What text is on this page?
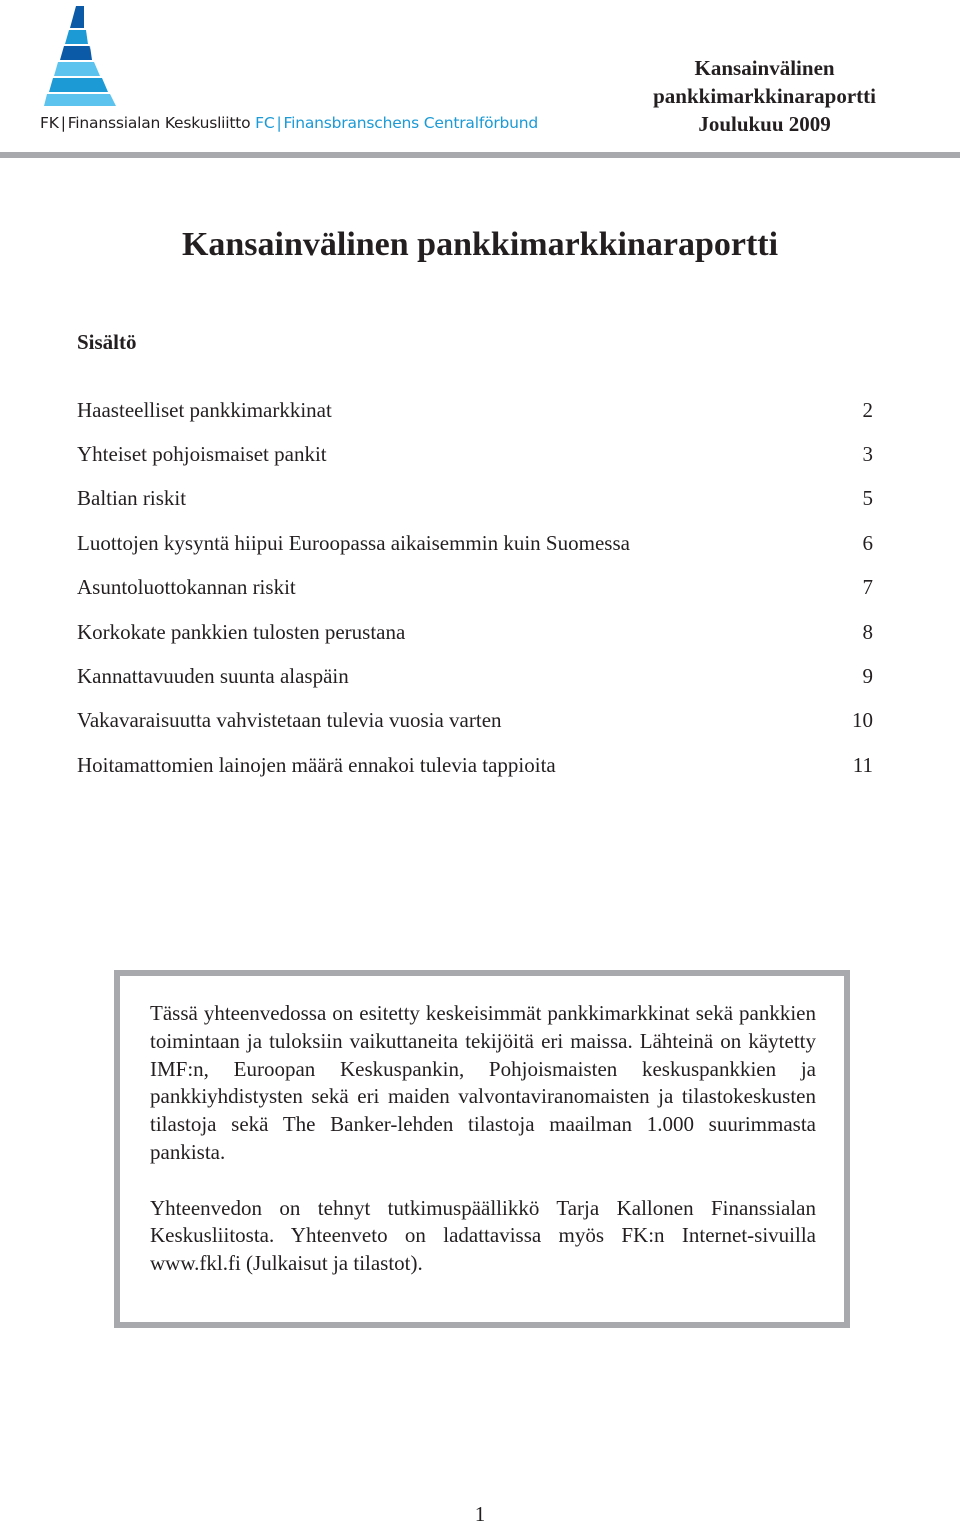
FK | Finanssialan Keskusliitto FC | Finansbranschens Centralförbund
Kansainvälinen
pankkimarkkinaraportti
Joulukuu 2009
Kansainvälinen pankkimarkkinaraportti
Sisältö
Haasteelliset pankkimarkkinat	2
Yhteiset pohjoismaiset pankit	3
Baltian riskit	5
Luottojen kysyntä hiipui Euroopassa aikaisemmin kuin Suomessa	6
Asuntoluottokannan riskit	7
Korkokate pankkien tulosten perustana	8
Kannattavuuden suunta alaspäin	9
Vakavaraisuutta vahvistetaan tulevia vuosia varten	10
Hoitamattomien lainojen määrä ennakoi tulevia tappioita	11

Tässä yhteenvedossa on esitetty keskeisimmät pankkimarkkinat sekä pankkien toimintaan ja tuloksiin vaikuttaneita tekijöitä eri maissa. Lähteinä on käytetty IMF:n, Euroopan Keskuspankin, Pohjoismaisten keskuspankkien ja pankkiyhdistysten sekä eri maiden valvontaviranomaisten ja tilastokeskusten tilastoja sekä The Banker-lehden tilastoja maailman 1.000 suurimmasta pankista.

Yhteenvedon on tehnyt tutkimuspäällikkö Tarja Kallonen Finanssialan Keskusliitosta. Yhteenveto on ladattavissa myös FK:n Internet-sivuilla www.fkl.fi (Julkaisut ja tilastot).

1
